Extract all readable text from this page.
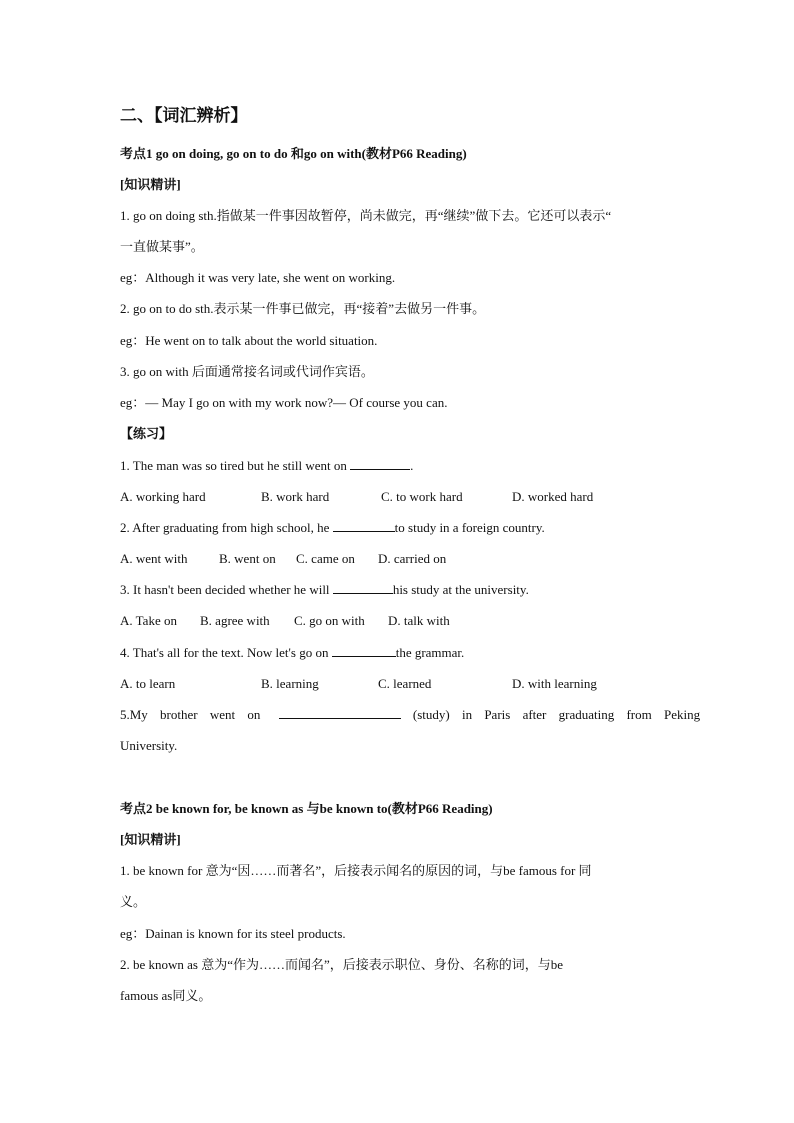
二、【词汇辨析】
考点1 go on doing, go on to do 和go on with(教材P66 Reading)
[知识精讲]
1. go on doing sth.指做某一件事因故暂停，尚未做完，再“继续”做下去。它还可以表示“
一直做某事”。
eg：Although it was very late, she went on working.
2. go on to do sth.表示某一件事已做完，再“接着”去做另一件事。
eg：He went on to talk about the world situation.
3. go on with 后面通常接名词或代词作宾语。
eg：— May I go on with my work now?— Of course you can.
【练习】
1. The man was so tired but he still went on	.
A. working hard	B. work hard	C. to work hard	D. worked hard
2. After graduating from high school, he	to study in a foreign country.
A. went with B. went on C. came on D. carried on
3. It hasn't been decided whether he will	his study at the university.
A. Take on B. agree with C. go on with D. talk with
4. That's all for the text. Now let's go on	the grammar.
A. to learn	B. learning	C. learned	D. with learning
5.My brother went on	(study) in Paris after graduating from Peking
University.
考点2 be known for, be known as 与be known to(教材P66 Reading)
[知识精讲]
1. be known for 意为“因……而著名”，后接表示闻名的原因的词，与be famous for 同
义。
eg：Dainan is known for its steel products.
2. be known as 意为“作为……而闻名”，后接表示职位、身份、名称的词，与be
famous as同义。
